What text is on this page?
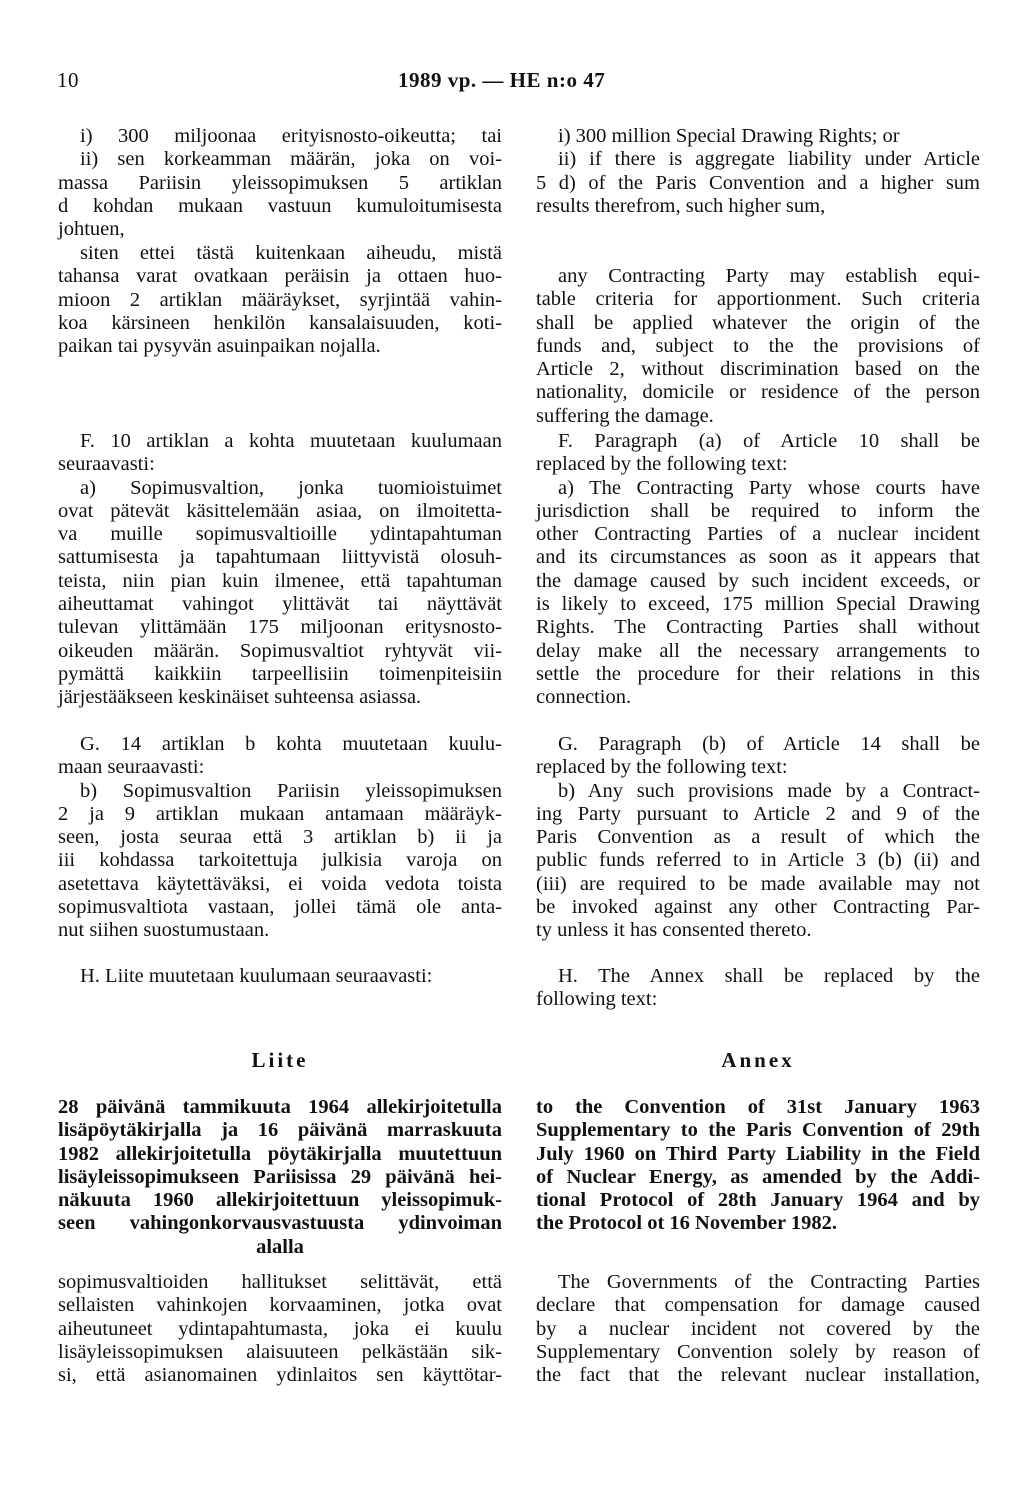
10	1989 vp. — HE n:o 47
i) 300 miljoonaa erityisnosto-oikeutta; tai
ii) sen korkeamman määrän, joka on voi-
massa Pariisin yleissopimuksen 5 artiklan
d kohdan mukaan vastuun kumuloitumisesta
johtuen,
siten ettei tästä kuitenkaan aiheudu, mistä
tahansa varat ovatkaan peräisin ja ottaen huo-
mioon 2 artiklan määräykset, syrjintää vahin-
koa kärsineen henkilön kansalaisuuden, koti-
paikan tai pysyvän asuinpaikan nojalla.
F. 10 artiklan a kohta muutetaan kuulumaan
seuraavasti:
a) Sopimusvaltion, jonka tuomioistuimet
ovat pätevät käsittelemään asiaa, on ilmoitetta-
va muille sopimusvaltioille ydintapahtuman
sattumisesta ja tapahtumaan liittyvistä olosuh-
teista, niin pian kuin ilmenee, että tapahtuman
aiheuttamat vahingot ylittävät tai näyttävät
tulevan ylittämään 175 miljoonan eritysnosto-
oikeuden määrän. Sopimusvaltiot ryhtyvät vii-
pymättä kaikkiin tarpeellisiin toimenpiteisiin
järjestääkseen keskinäiset suhteensa asiassa.
G. 14 artiklan b kohta muutetaan kuulu-
maan seuraavasti:
b) Sopimusvaltion Pariisin yleissopimuksen
2 ja 9 artiklan mukaan antamaan määräyk-
seen, josta seuraa että 3 artiklan b) ii ja
iii kohdassa tarkoitettuja julkisia varoja on
asetettava käytettäväksi, ei voida vedota toista
sopimusvaltiota vastaan, jollei tämä ole anta-
nut siihen suostumustaan.
H. Liite muutetaan kuulumaan seuraavasti:
Liite
28 päivänä tammikuuta 1964 allekirjoitetulla
lisäpöytäkirjalla ja 16 päivänä marraskuuta
1982 allekirjoitetulla pöytäkirjalla muutettuun
lisäyleissopimukseen Pariisissa 29 päivänä hei-
näkuuta 1960 allekirjoitettuun yleissopimuk-
seen vahingonkorvausvastuusta ydinvoiman
alalla
sopimusvaltioiden hallitukset selittävät, että
sellaisten vahinkojen korvaaminen, jotka ovat
aiheutuneet ydintapahtumasta, joka ei kuulu
lisäyleissopimuksen alaisuuteen pelkästään sik-
si, että asianomainen ydinlaitos sen käyttötar-
i) 300 million Special Drawing Rights; or
ii) if there is aggregate liability under Article
5 d) of the Paris Convention and a higher sum
results therefrom, such higher sum,
any Contracting Party may establish equi-
table criteria for apportionment. Such criteria
shall be applied whatever the origin of the
funds and, subject to the the provisions of
Article 2, without discrimination based on the
nationality, domicile or residence of the person
suffering the damage.
F. Paragraph (a) of Article 10 shall be
replaced by the following text:
a) The Contracting Party whose courts have
jurisdiction shall be required to inform the
other Contracting Parties of a nuclear incident
and its circumstances as soon as it appears that
the damage caused by such incident exceeds, or
is likely to exceed, 175 million Special Drawing
Rights. The Contracting Parties shall without
delay make all the necessary arrangements to
settle the procedure for their relations in this
connection.
G. Paragraph (b) of Article 14 shall be
replaced by the following text:
b) Any such provisions made by a Contract-
ing Party pursuant to Article 2 and 9 of the
Paris Convention as a result of which the
public funds referred to in Article 3 (b) (ii) and
(iii) are required to be made available may not
be invoked against any other Contracting Par-
ty unless it has consented thereto.
H. The Annex shall be replaced by the
following text:
Annex
to the Convention of 31st January 1963
Supplementary to the Paris Convention of 29th
July 1960 on Third Party Liability in the Field
of Nuclear Energy, as amended by the Addi-
tional Protocol of 28th January 1964 and by
the Protocol ot 16 November 1982.
The Governments of the Contracting Parties
declare that compensation for damage caused
by a nuclear incident not covered by the
Supplementary Convention solely by reason of
the fact that the relevant nuclear installation,
